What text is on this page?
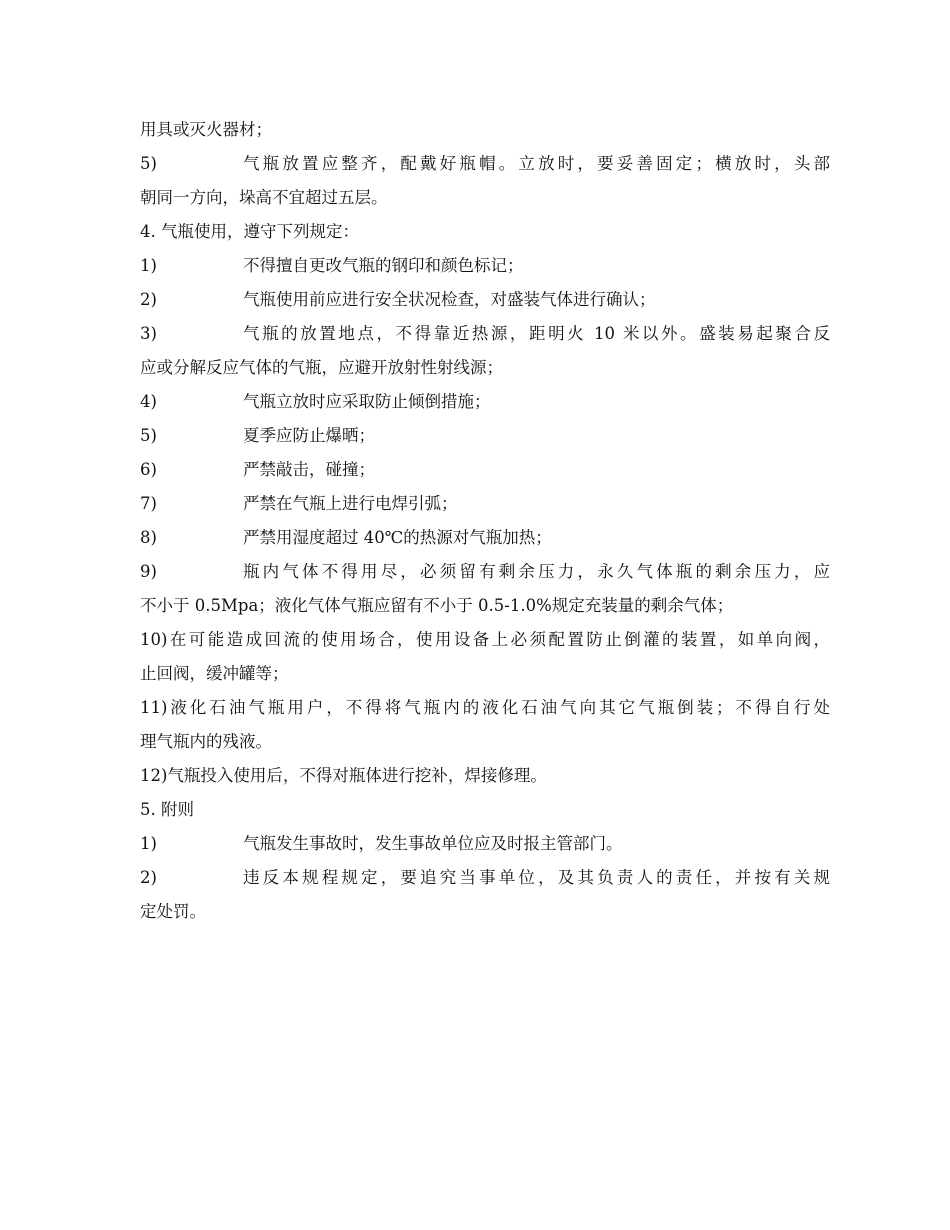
用具或灭火器材；
5)	气瓶放置应整齐，配戴好瓶帽。立放时，要妥善固定；横放时，头部
朝同一方向，垛高不宜超过五层。
4. 气瓶使用，遵守下列规定：
1)	不得擅自更改气瓶的钢印和颜色标记；
2)	气瓶使用前应进行安全状况检查，对盛装气体进行确认；
3)	气瓶的放置地点，不得靠近热源，距明火 10 米以外。盛装易起聚合反
应或分解反应气体的气瓶，应避开放射性射线源；
4)	气瓶立放时应采取防止倾倒措施；
5)	夏季应防止爆晒；
6)	严禁敲击，碰撞；
7)	严禁在气瓶上进行电焊引弧；
8)	严禁用湿度超过 40℃的热源对气瓶加热；
9)	瓶内气体不得用尽，必须留有剩余压力，永久气体瓶的剩余压力，应
不小于 0.5Mpa；液化气体气瓶应留有不小于 0.5-1.0%规定充装量的剩余气体；
10)在可能造成回流的使用场合，使用设备上必须配置防止倒灌的装置，如单向阀，
止回阀，缓冲罐等；
11)液化石油气瓶用户，不得将气瓶内的液化石油气向其它气瓶倒装；不得自行处
理气瓶内的残液。
12)气瓶投入使用后，不得对瓶体进行挖补，焊接修理。
5. 附则
1)	气瓶发生事故时，发生事故单位应及时报主管部门。
2)	违反本规程规定，要追究当事单位，及其负责人的责任，并按有关规
定处罚。
